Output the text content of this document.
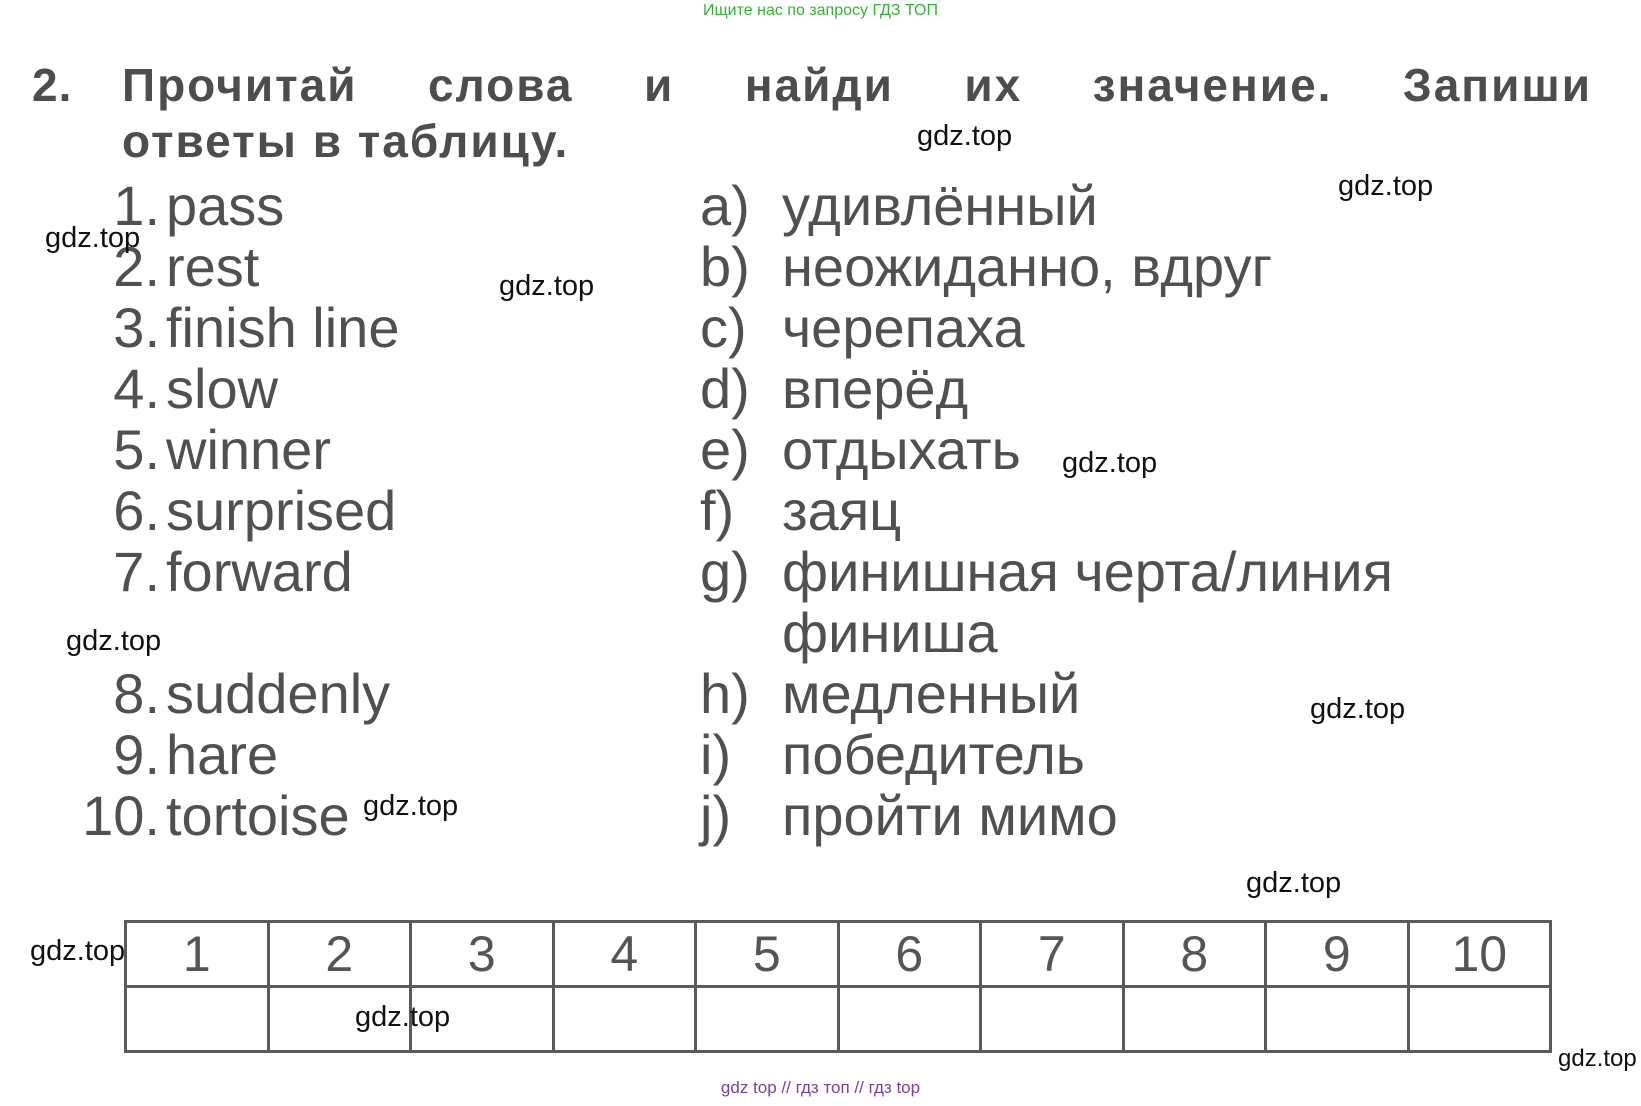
Ищите нас по запросу ГДЗ ТОП
2. Прочитай слова и найди их значение. Запиши
ответы в таблицу.
1. pass
2. rest
3. finish line
4. slow
5. winner
6. surprised
7. forward
8. suddenly
9. hare
10. tortoise
a) удивлённый
b) неожиданно, вдруг
c) черепаха
d) вперёд
e) отдыхать
f) заяц
g) финишная черта/линия
финиша
h) медленный
i) победитель
j) пройти мимо
1	2	3	4	5	6	7	8	9	10

gdz.top
gdz.top
gdz.top
gdz.top
gdz.top
gdz.top
gdz.top
gdz.top
gdz.top
gdz.top
gdz.top
gdz.top
gdz top // гдз топ // гдз top
